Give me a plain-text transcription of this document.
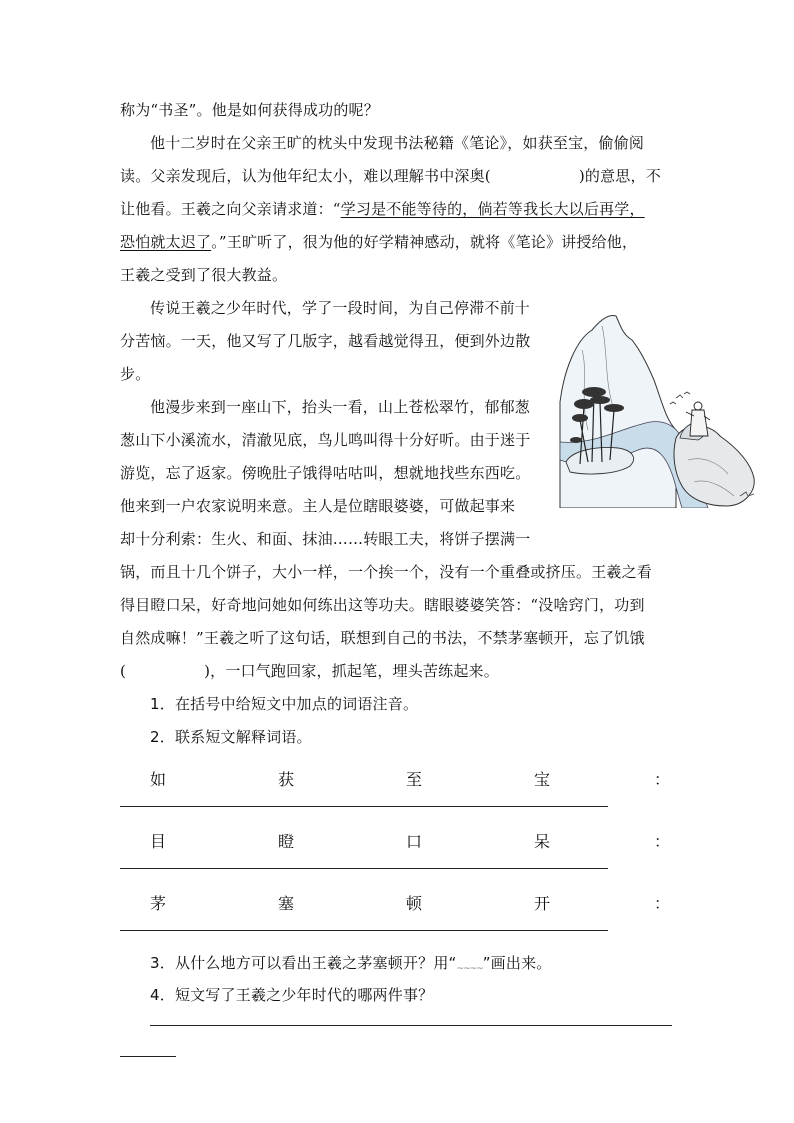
称为“书圣”。他是如何获得成功的呢？
他十二岁时在父亲王旷的枕头中发现书法秘籍《笔论》，如获至宝，偷偷阅
读。父亲发现后，认为他年纪太小，难以理解书中深奥(	)的意思，不
让他看。王羲之向父亲请求道：“学习是不能等待的，倘若等我长大以后再学，
恐怕就太迟了。”王旷听了，很为他的好学精神感动，就将《笔论》讲授给他，
王羲之受到了很大教益。
传说王羲之少年时代，学了一段时间，为自己停滞不前十
分苦恼。一天，他又写了几版字，越看越觉得丑，便到外边散
步。
他漫步来到一座山下，抬头一看，山上苍松翠竹，郁郁葱
葱山下小溪流水，清澈见底，鸟儿鸣叫得十分好听。由于迷于
游览，忘了返家。傍晚肚子饿得咕咕叫，想就地找些东西吃。
他来到一户农家说明来意。主人是位瞎眼婆婆，可做起事来
却十分利索：生火、和面、抹油……转眼工夫，将饼子摆满一
锅，而且十几个饼子，大小一样，一个挨一个，没有一个重叠或挤压。王羲之看
得目瞪口呆，好奇地问她如何练出这等功夫。瞎眼婆婆笑答：“没啥窍门，功到
自然成嘛！”王羲之听了这句话，联想到自己的书法，不禁茅塞顿开，忘了饥饿
(	)，一口气跑回家，抓起笔，埋头苦练起来。
1．在括号中给短文中加点的词语注音。
2．联系短文解释词语。
如	获	至	宝	：
目	瞪	口	呆	：
茅	塞	顿	开	：
3．从什么地方可以看出王羲之茅塞顿开？用“$_{\sim\sim\sim\sim}$”画出来。
4．短文写了王羲之少年时代的哪两件事？
